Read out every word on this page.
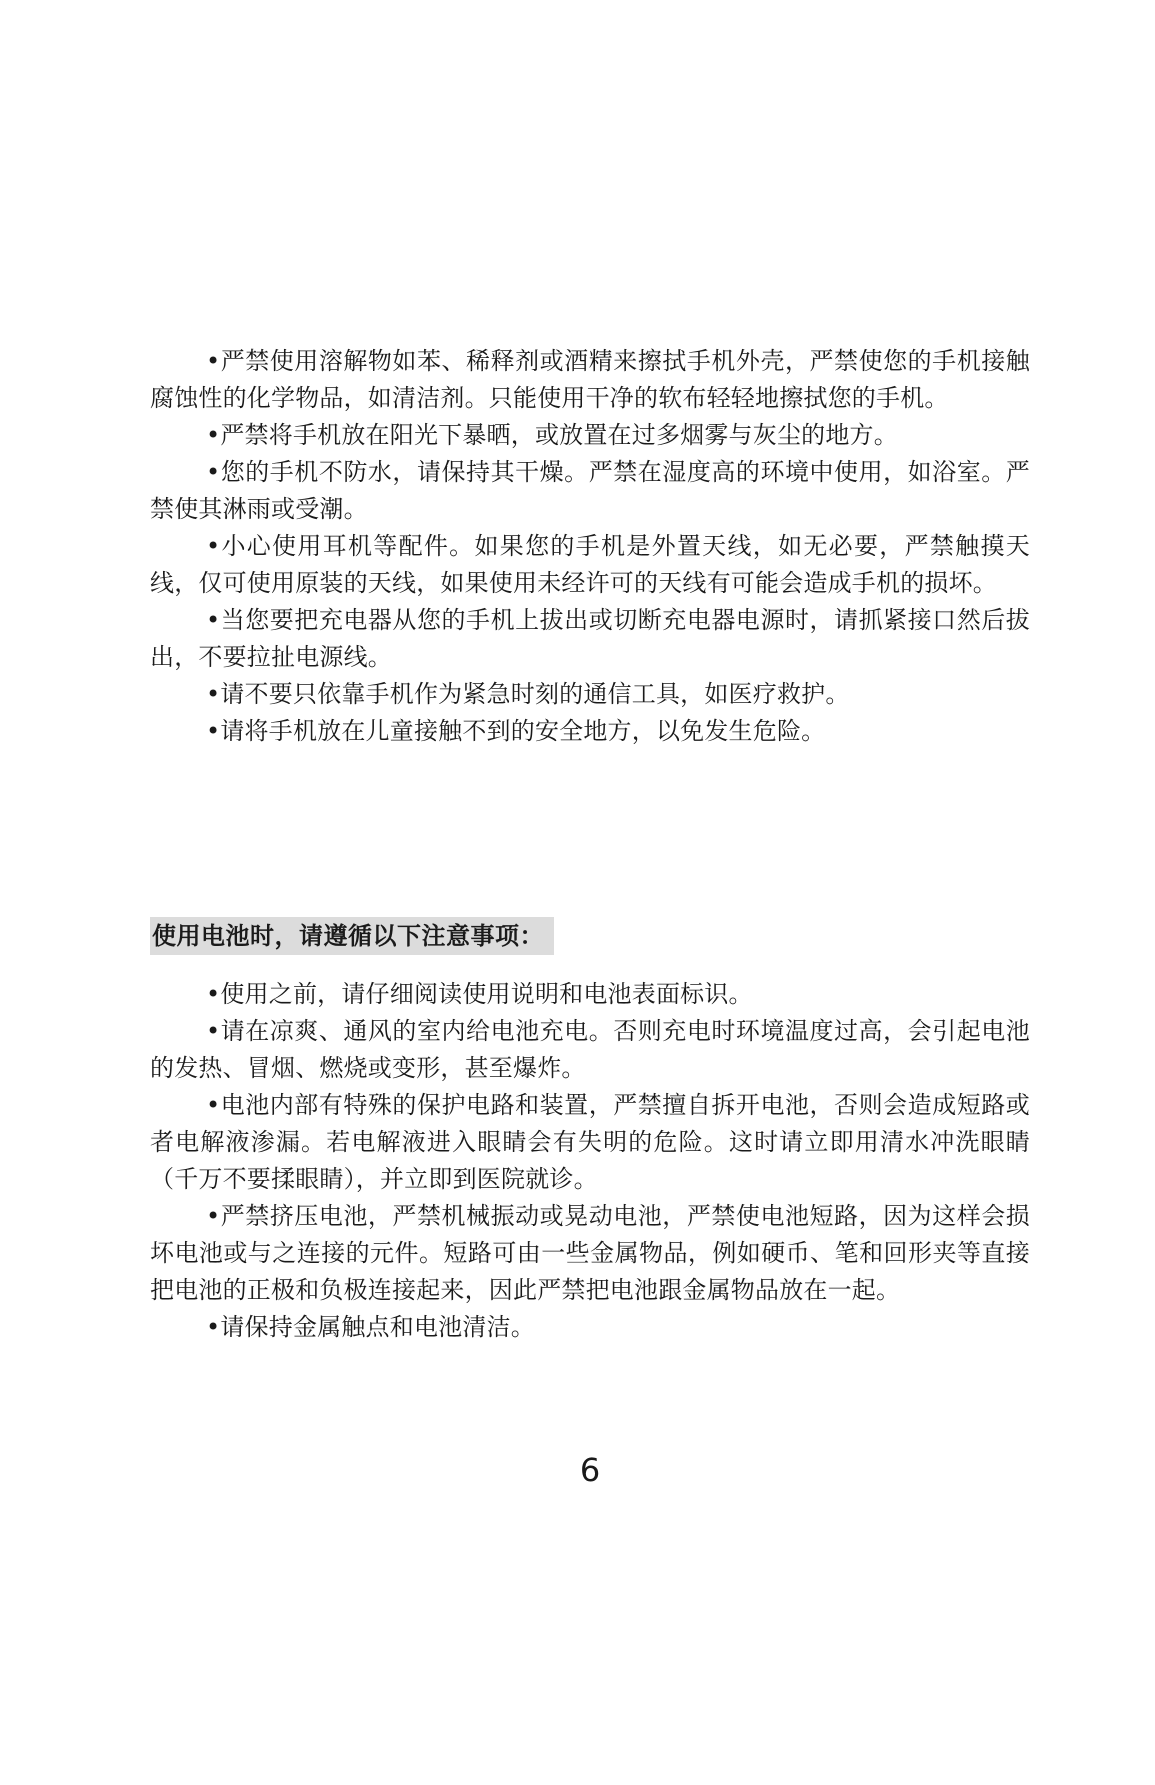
•严禁使用溶解物如苯、稀释剂或酒精来擦拭手机外壳，严禁使您的手机接触腐蚀性的化学物品，如清洁剂。只能使用干净的软布轻轻地擦拭您的手机。

•严禁将手机放在阳光下暴晒，或放置在过多烟雾与灰尘的地方。

•您的手机不防水，请保持其干燥。严禁在湿度高的环境中使用，如浴室。严禁使其淋雨或受潮。

•小心使用耳机等配件。如果您的手机是外置天线，如无必要，严禁触摸天线，仅可使用原装的天线，如果使用未经许可的天线有可能会造成手机的损坏。

•当您要把充电器从您的手机上拔出或切断充电器电源时，请抓紧接口然后拔出，不要拉扯电源线。

•请不要只依靠手机作为紧急时刻的通信工具，如医疗救护。

•请将手机放在儿童接触不到的安全地方，以免发生危险。

使用电池时，请遵循以下注意事项：

•使用之前，请仔细阅读使用说明和电池表面标识。

•请在凉爽、通风的室内给电池充电。否则充电时环境温度过高，会引起电池的发热、冒烟、燃烧或变形，甚至爆炸。

•电池内部有特殊的保护电路和装置，严禁擅自拆开电池，否则会造成短路或者电解液渗漏。若电解液进入眼睛会有失明的危险。这时请立即用清水冲洗眼睛（千万不要揉眼睛），并立即到医院就诊。

•严禁挤压电池，严禁机械振动或晃动电池，严禁使电池短路，因为这样会损坏电池或与之连接的元件。短路可由一些金属物品，例如硬币、笔和回形夹等直接把电池的正极和负极连接起来，因此严禁把电池跟金属物品放在一起。

•请保持金属触点和电池清洁。

6
